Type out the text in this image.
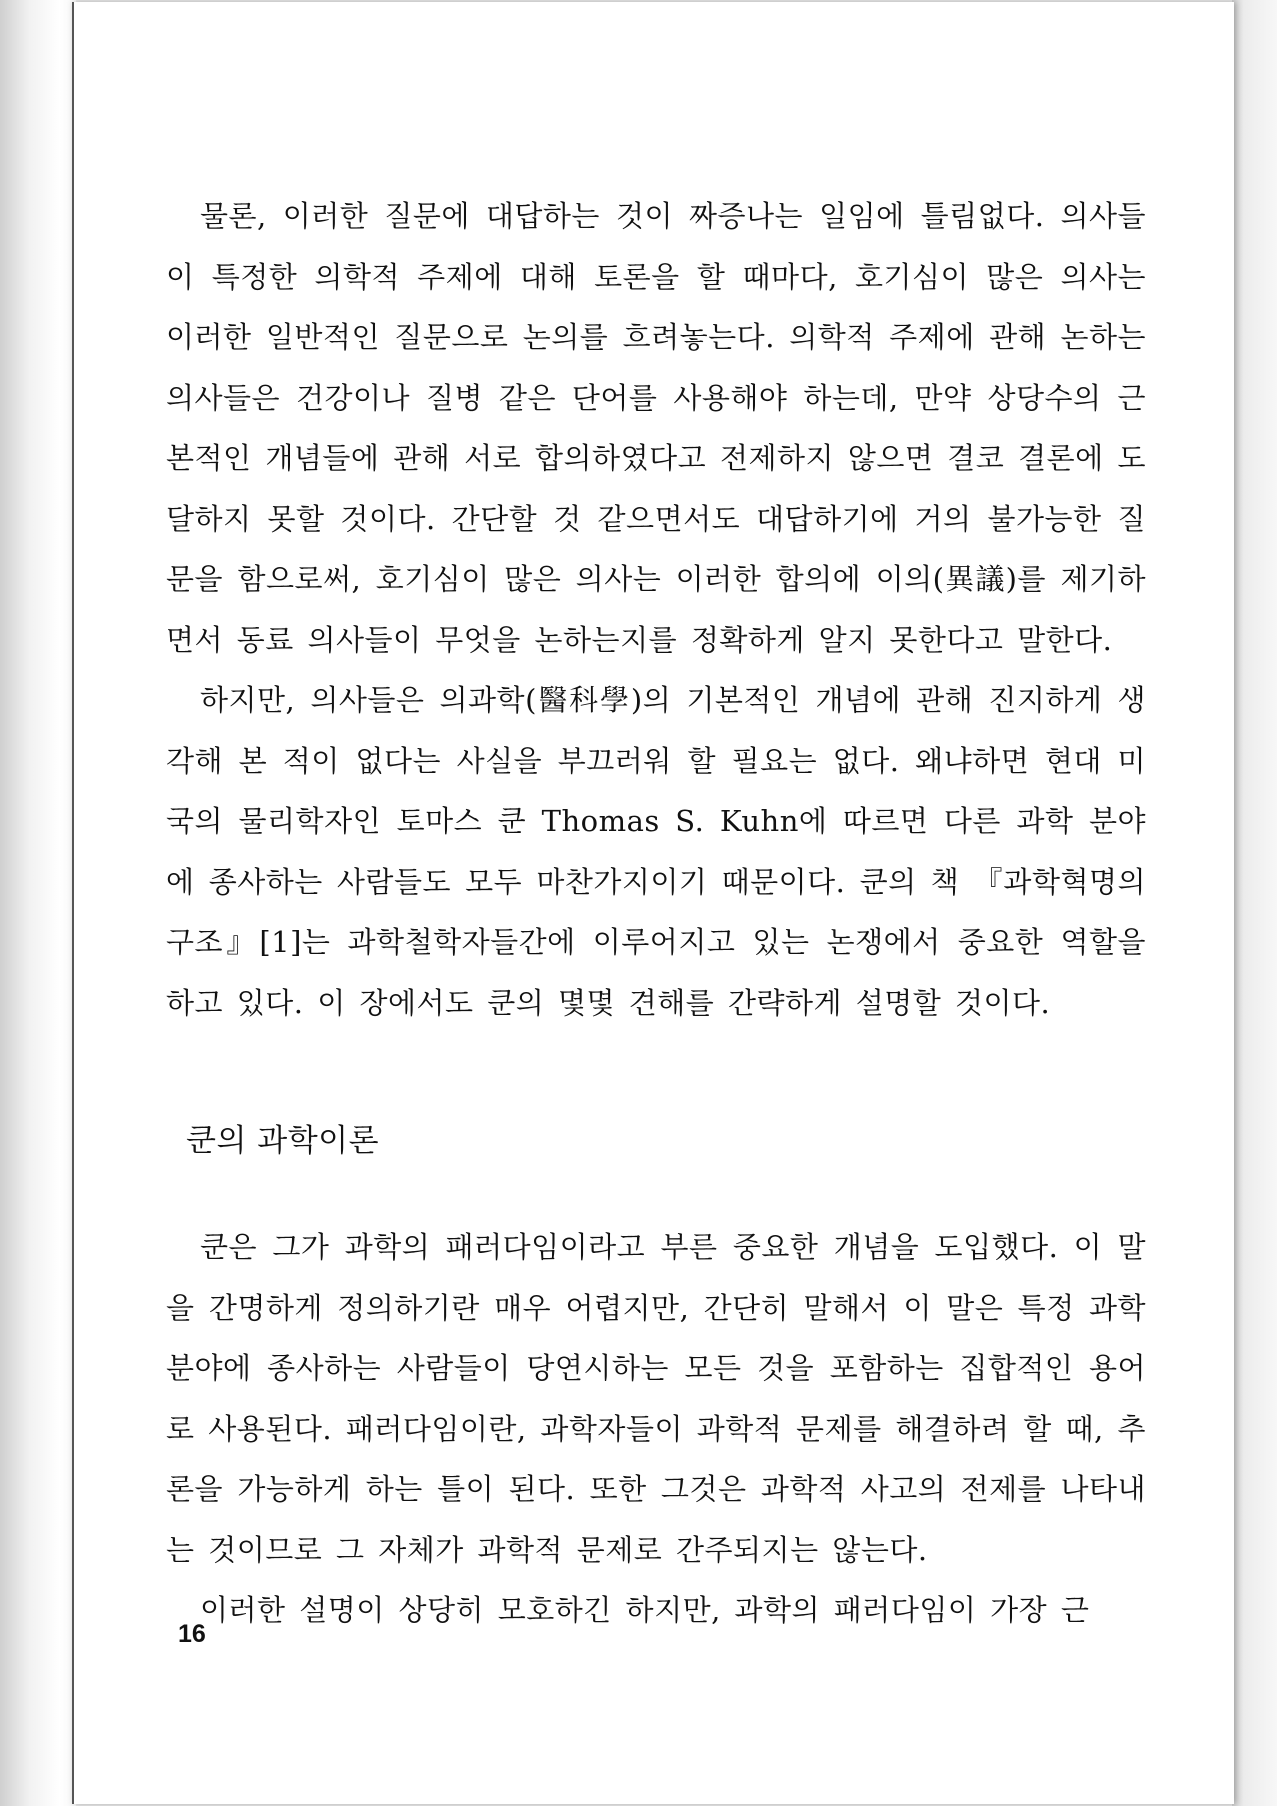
물론, 이러한 질문에 대답하는 것이 짜증나는 일임에 틀림없다. 의사들이 특정한 의학적 주제에 대해 토론을 할 때마다, 호기심이 많은 의사는 이러한 일반적인 질문으로 논의를 흐려놓는다. 의학적 주제에 관해 논하는 의사들은 건강이나 질병 같은 단어를 사용해야 하는데, 만약 상당수의 근본적인 개념들에 관해 서로 합의하였다고 전제하지 않으면 결코 결론에 도달하지 못할 것이다. 간단할 것 같으면서도 대답하기에 거의 불가능한 질문을 함으로써, 호기심이 많은 의사는 이러한 합의에 이의(異議)를 제기하면서 동료 의사들이 무엇을 논하는지를 정확하게 알지 못한다고 말한다.

하지만, 의사들은 의과학(醫科學)의 기본적인 개념에 관해 진지하게 생각해 본 적이 없다는 사실을 부끄러워 할 필요는 없다. 왜냐하면 현대 미국의 물리학자인 토마스 쿤 Thomas S. Kuhn에 따르면 다른 과학 분야에 종사하는 사람들도 모두 마찬가지이기 때문이다. 쿤의 책 『과학혁명의 구조』[1]는 과학철학자들간에 이루어지고 있는 논쟁에서 중요한 역할을 하고 있다. 이 장에서도 쿤의 몇몇 견해를 간략하게 설명할 것이다.

쿤의 과학이론

쿤은 그가 과학의 패러다임이라고 부른 중요한 개념을 도입했다. 이 말을 간명하게 정의하기란 매우 어렵지만, 간단히 말해서 이 말은 특정 과학분야에 종사하는 사람들이 당연시하는 모든 것을 포함하는 집합적인 용어로 사용된다. 패러다임이란, 과학자들이 과학적 문제를 해결하려 할 때, 추론을 가능하게 하는 틀이 된다. 또한 그것은 과학적 사고의 전제를 나타내는 것이므로 그 자체가 과학적 문제로 간주되지는 않는다.

이러한 설명이 상당히 모호하긴 하지만, 과학의 패러다임이 가장 근

16
